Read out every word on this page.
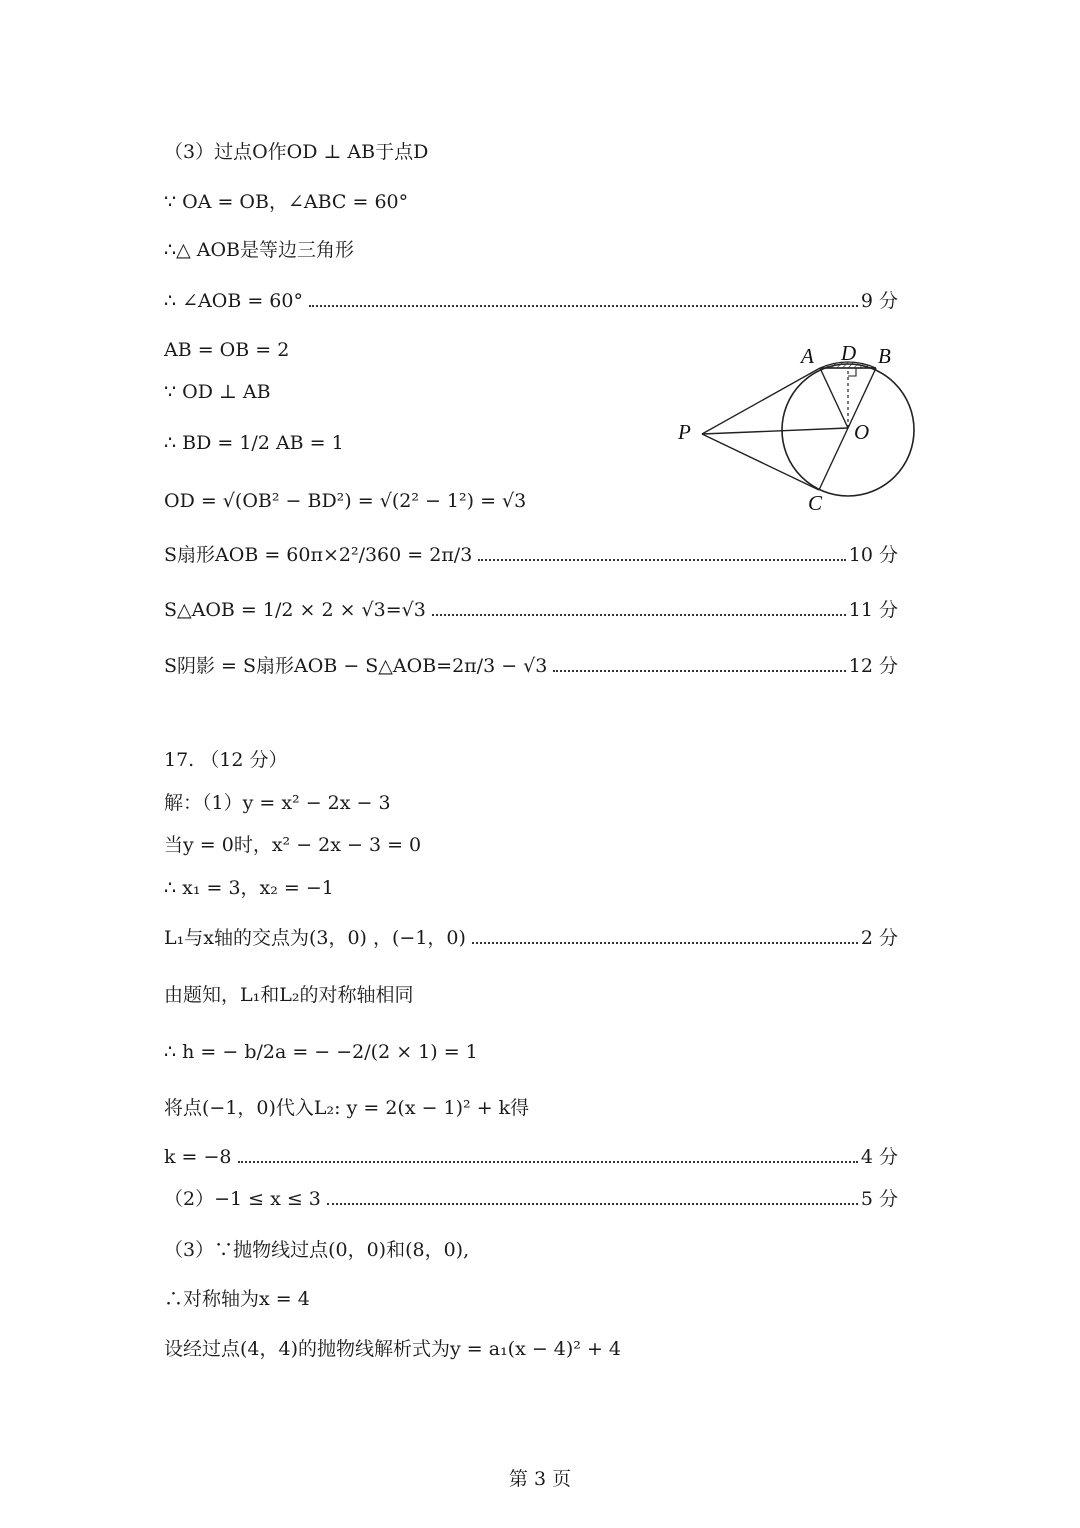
（3）过点O作OD ⊥ AB于点D
∵ OA = OB，∠ABC = 60°
∴△ AOB是等边三角形
∴ ∠AOB = 60°	9 分
AB = OB = 2
∵ OD ⊥ AB
∴ BD = 1/2 AB = 1
OD = √(OB² − BD²) = √(2² − 1²) = √3
S扇形AOB = 60π×2²/360 = 2π/3	10 分
S△AOB = 1/2 × 2 × √3=√3	11 分
S阴影 = S扇形AOB − S△AOB=2π/3 − √3	12 分
17. （12 分）
解：（1）y = x² − 2x − 3
当y = 0时，x² − 2x − 3 = 0
∴ x₁ = 3，x₂ = −1
L₁与x轴的交点为(3，0) ，(−1，0)	2 分
由题知，L₁和L₂的对称轴相同
∴ h = − b/2a = − −2/(2 × 1) = 1
将点(−1，0)代入L₂: y = 2(x − 1)² + k得
k = −8	4 分
（2）−1 ≤ x ≤ 3	5 分
（3）∵抛物线过点(0，0)和(8，0),
∴对称轴为x = 4
设经过点(4，4)的抛物线解析式为y = a₁(x − 4)² + 4
A D B
P	O
C
第 3 页
